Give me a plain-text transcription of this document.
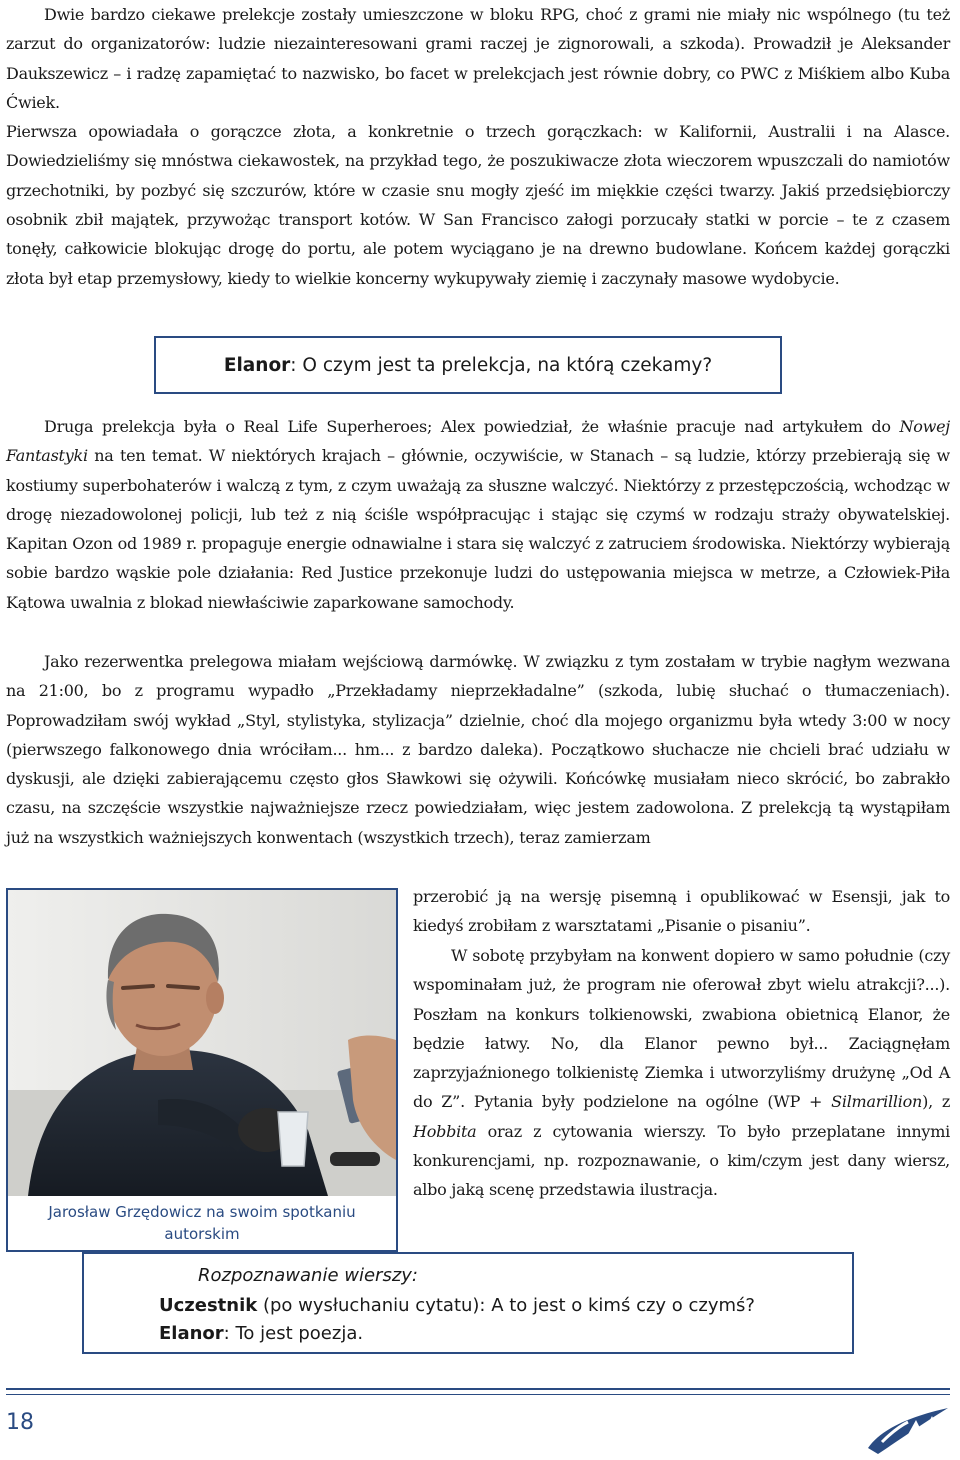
Dwie bardzo ciekawe prelekcje zostały umieszczone w bloku RPG, choć z grami nie miały nic wspólnego (tu też zarzut do organizatorów: ludzie niezainteresowani grami raczej je zignorowali, a szkoda). Prowadził je Aleksander Daukszewicz – i radzę zapamiętać to nazwisko, bo facet w prelekcjach jest równie dobry, co PWC z Miśkiem albo Kuba Ćwiek.
Pierwsza opowiadała o gorączce złota, a konkretnie o trzech gorączkach: w Kalifornii, Australii i na Alasce. Dowiedzieliśmy się mnóstwa ciekawostek, na przykład tego, że poszukiwacze złota wieczorem wpuszczali do namiotów grzechotniki, by pozbyć się szczurów, które w czasie snu mogły zjeść im miękkie części twarzy. Jakiś przedsiębiorczy osobnik zbił majątek, przywożąc transport kotów. W San Francisco załogi porzucały statki w porcie – te z czasem tonęły, całkowicie blokując drogę do portu, ale potem wyciągano je na drewno budowlane. Końcem każdej gorączki złota był etap przemysłowy, kiedy to wielkie koncerny wykupywały ziemię i zaczynały masowe wydobycie.

Elanor: O czym jest ta prelekcja, na którą czekamy?

Druga prelekcja była o Real Life Superheroes; Alex powiedział, że właśnie pracuje nad artykułem do Nowej Fantastyki na ten temat. W niektórych krajach – głównie, oczywiście, w Stanach – są ludzie, którzy przebierają się w kostiumy superbohaterów i walczą z tym, z czym uważają za słuszne walczyć. Niektórzy z przestępczością, wchodząc w drogę niezadowolonej policji, lub też z nią ściśle współpracując i stając się czymś w rodzaju straży obywatelskiej. Kapitan Ozon od 1989 r. propaguje energie odnawialne i stara się walczyć z zatruciem środowiska. Niektórzy wybierają sobie bardzo wąskie pole działania: Red Justice przekonuje ludzi do ustępowania miejsca w metrze, a Człowiek-Piła Kątowa uwalnia z blokad niewłaściwie zaparkowane samochody.

Jako rezerwentka prelegowa miałam wejściową darmówkę. W związku z tym zostałam w trybie nagłym wezwana na 21:00, bo z programu wypadło „Przekładamy nieprzekładalne” (szkoda, lubię słuchać o tłumaczeniach). Poprowadziłam swój wykład „Styl, stylistyka, stylizacja” dzielnie, choć dla mojego organizmu była wtedy 3:00 w nocy (pierwszego falkonowego dnia wróciłam... hm... z bardzo daleka). Początkowo słuchacze nie chcieli brać udziału w dyskusji, ale dzięki zabierającemu często głos Sławkowi się ożywili. Końcówkę musiałam nieco skrócić, bo zabrakło czasu, na szczęście wszystkie najważniejsze rzecz powiedziałam, więc jestem zadowolona. Z prelekcją tą wystąpiłam już na wszystkich ważniejszych konwentach (wszystkich trzech), teraz zamierzam

przerobić ją na wersję pisemną i opublikować w Esensji, jak to kiedyś zrobiłam z warsztatami „Pisanie o pisaniu”.

W sobotę przybyłam na konwent dopiero w samo południe (czy wspominałam już, że program nie oferował zbyt wielu atrakcji?...). Poszłam na konkurs tolkienowski, zwabiona obietnicą Elanor, że będzie łatwy. No, dla Elanor pewno był... Zaciągnęłam zaprzyjaźnionego tolkienistę Ziemka i utworzyliśmy drużynę „Od A do Z”. Pytania były podzielone na ogólne (WP + Silmarillion), z Hobbita oraz z cytowania wierszy. To było przeplatane innymi konkurencjami, np. rozpoznawanie, o kim/czym jest dany wiersz, albo jaką scenę przedstawia ilustracja.

Jarosław Grzędowicz na swoim spotkaniu
autorskim
Rozpoznawanie wierszy:
Uczestnik (po wysłuchaniu cytatu): A to jest o kimś czy o czymś?
Elanor: To jest poezja.
18
